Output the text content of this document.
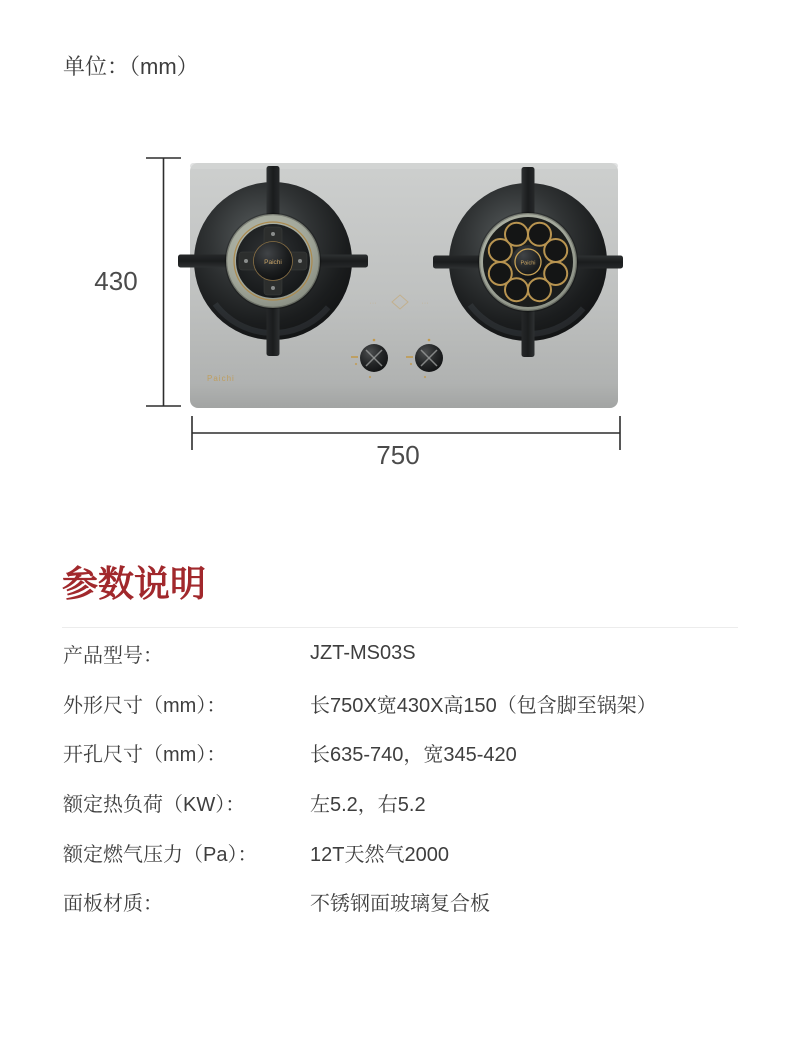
单位：（mm）
···	···
Paichi	Paichi
Paichi
430
750
参数说明
产品型号：	JZT-MS03S
外形尺寸（mm）：	长750X宽430X高150（包含脚至锅架）
开孔尺寸（mm）：	长635-740，宽345-420
额定热负荷（KW）：	左5.2，右5.2
额定燃气压力（Pa）：	12T天然气2000
面板材质：	不锈钢面玻璃复合板
